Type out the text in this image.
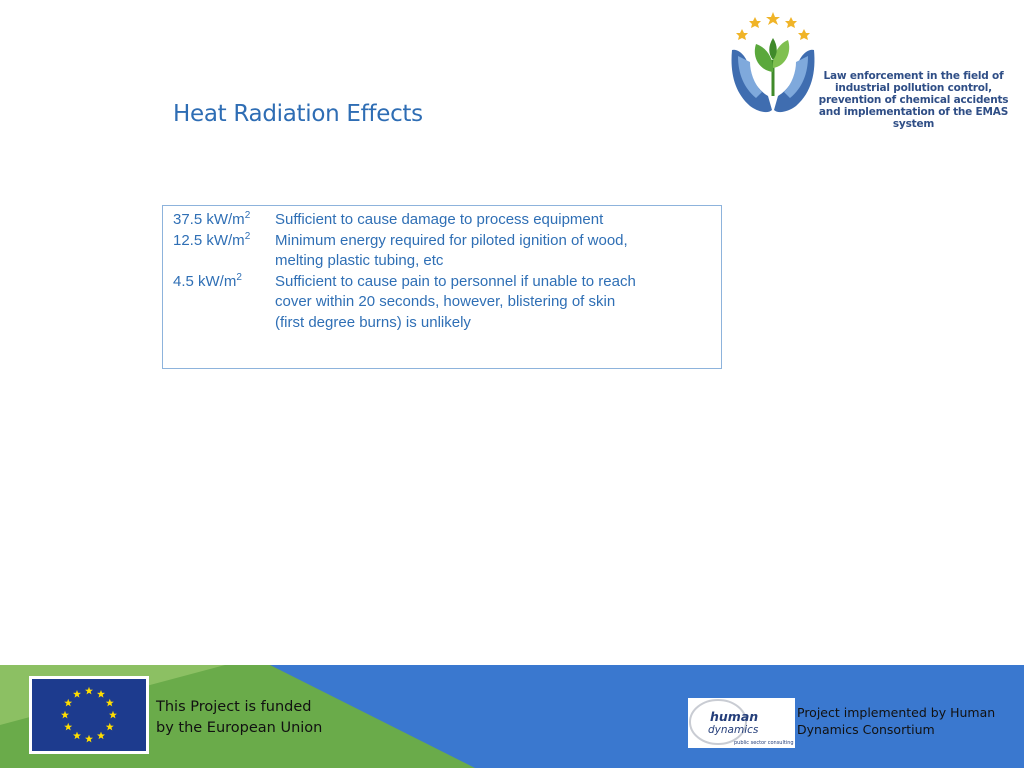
Heat Radiation Effects
Law enforcement in the field of
industrial pollution control,
prevention of chemical accidents
and implementation of the EMAS system
37.5 $kW/m^2$ Sufficient to cause damage to process equipment
12.5 $kW/m^2$ Minimum energy required for piloted ignition of wood,
melting plastic tubing, etc
4.5 $kW/m^2$ Sufficient to cause pain to personnel if unable to reach
cover within 20 seconds, however, blistering of skin
(first degree burns) is unlikely
This Project is funded
by the European Union
human
dynamics
public sector consulting
Project implemented by Human
Dynamics Consortium
